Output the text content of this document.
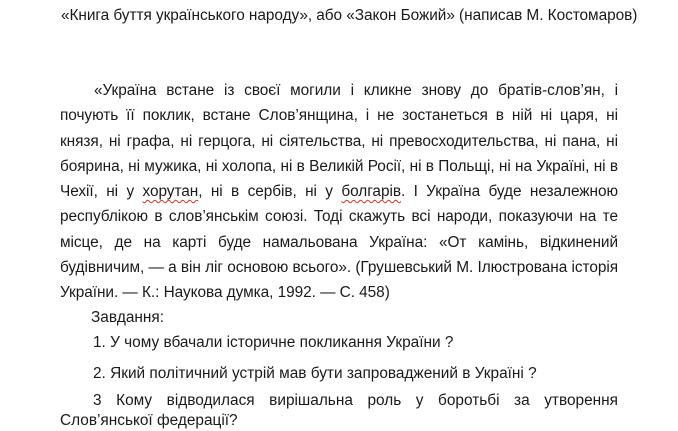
«Книга буття українського народу», або «Закон Божий» (написав М. Костомаров)

«Україна встане із своєї могили і кликне знову до братів-слов’ян, і почують її поклик, встане Слов’янщина, і не зостанеться в ній ні царя, ні князя, ні графа, ні герцога, ні сіятельства, ні превосходительства, ні пана, ні боярина, ні мужика, ні холопа, ні в Великій Росії, ні в Польщі, ні на Україні, ні в Чехії, ні у хорутан, ні в сербів, ні у болгарів. І Україна буде незалежною республікою в слов’янськім союзі. Тоді скажуть всі народи, показуючи на те місце, де на карті буде намальована Україна: «От камінь, відкинений будівничим, — а він ліг основою всього». (Грушевський М. Ілюстрована історія України. — К.: Наукова думка, 1992. — С. 458)

Завдання:
1. У чому вбачали історичне покликання України ?
2. Який політичний устрій мав бути запроваджений в Україні ?
3 Кому відводилася вирішальна роль у боротьбі за утворення Слов’янської федерації?
